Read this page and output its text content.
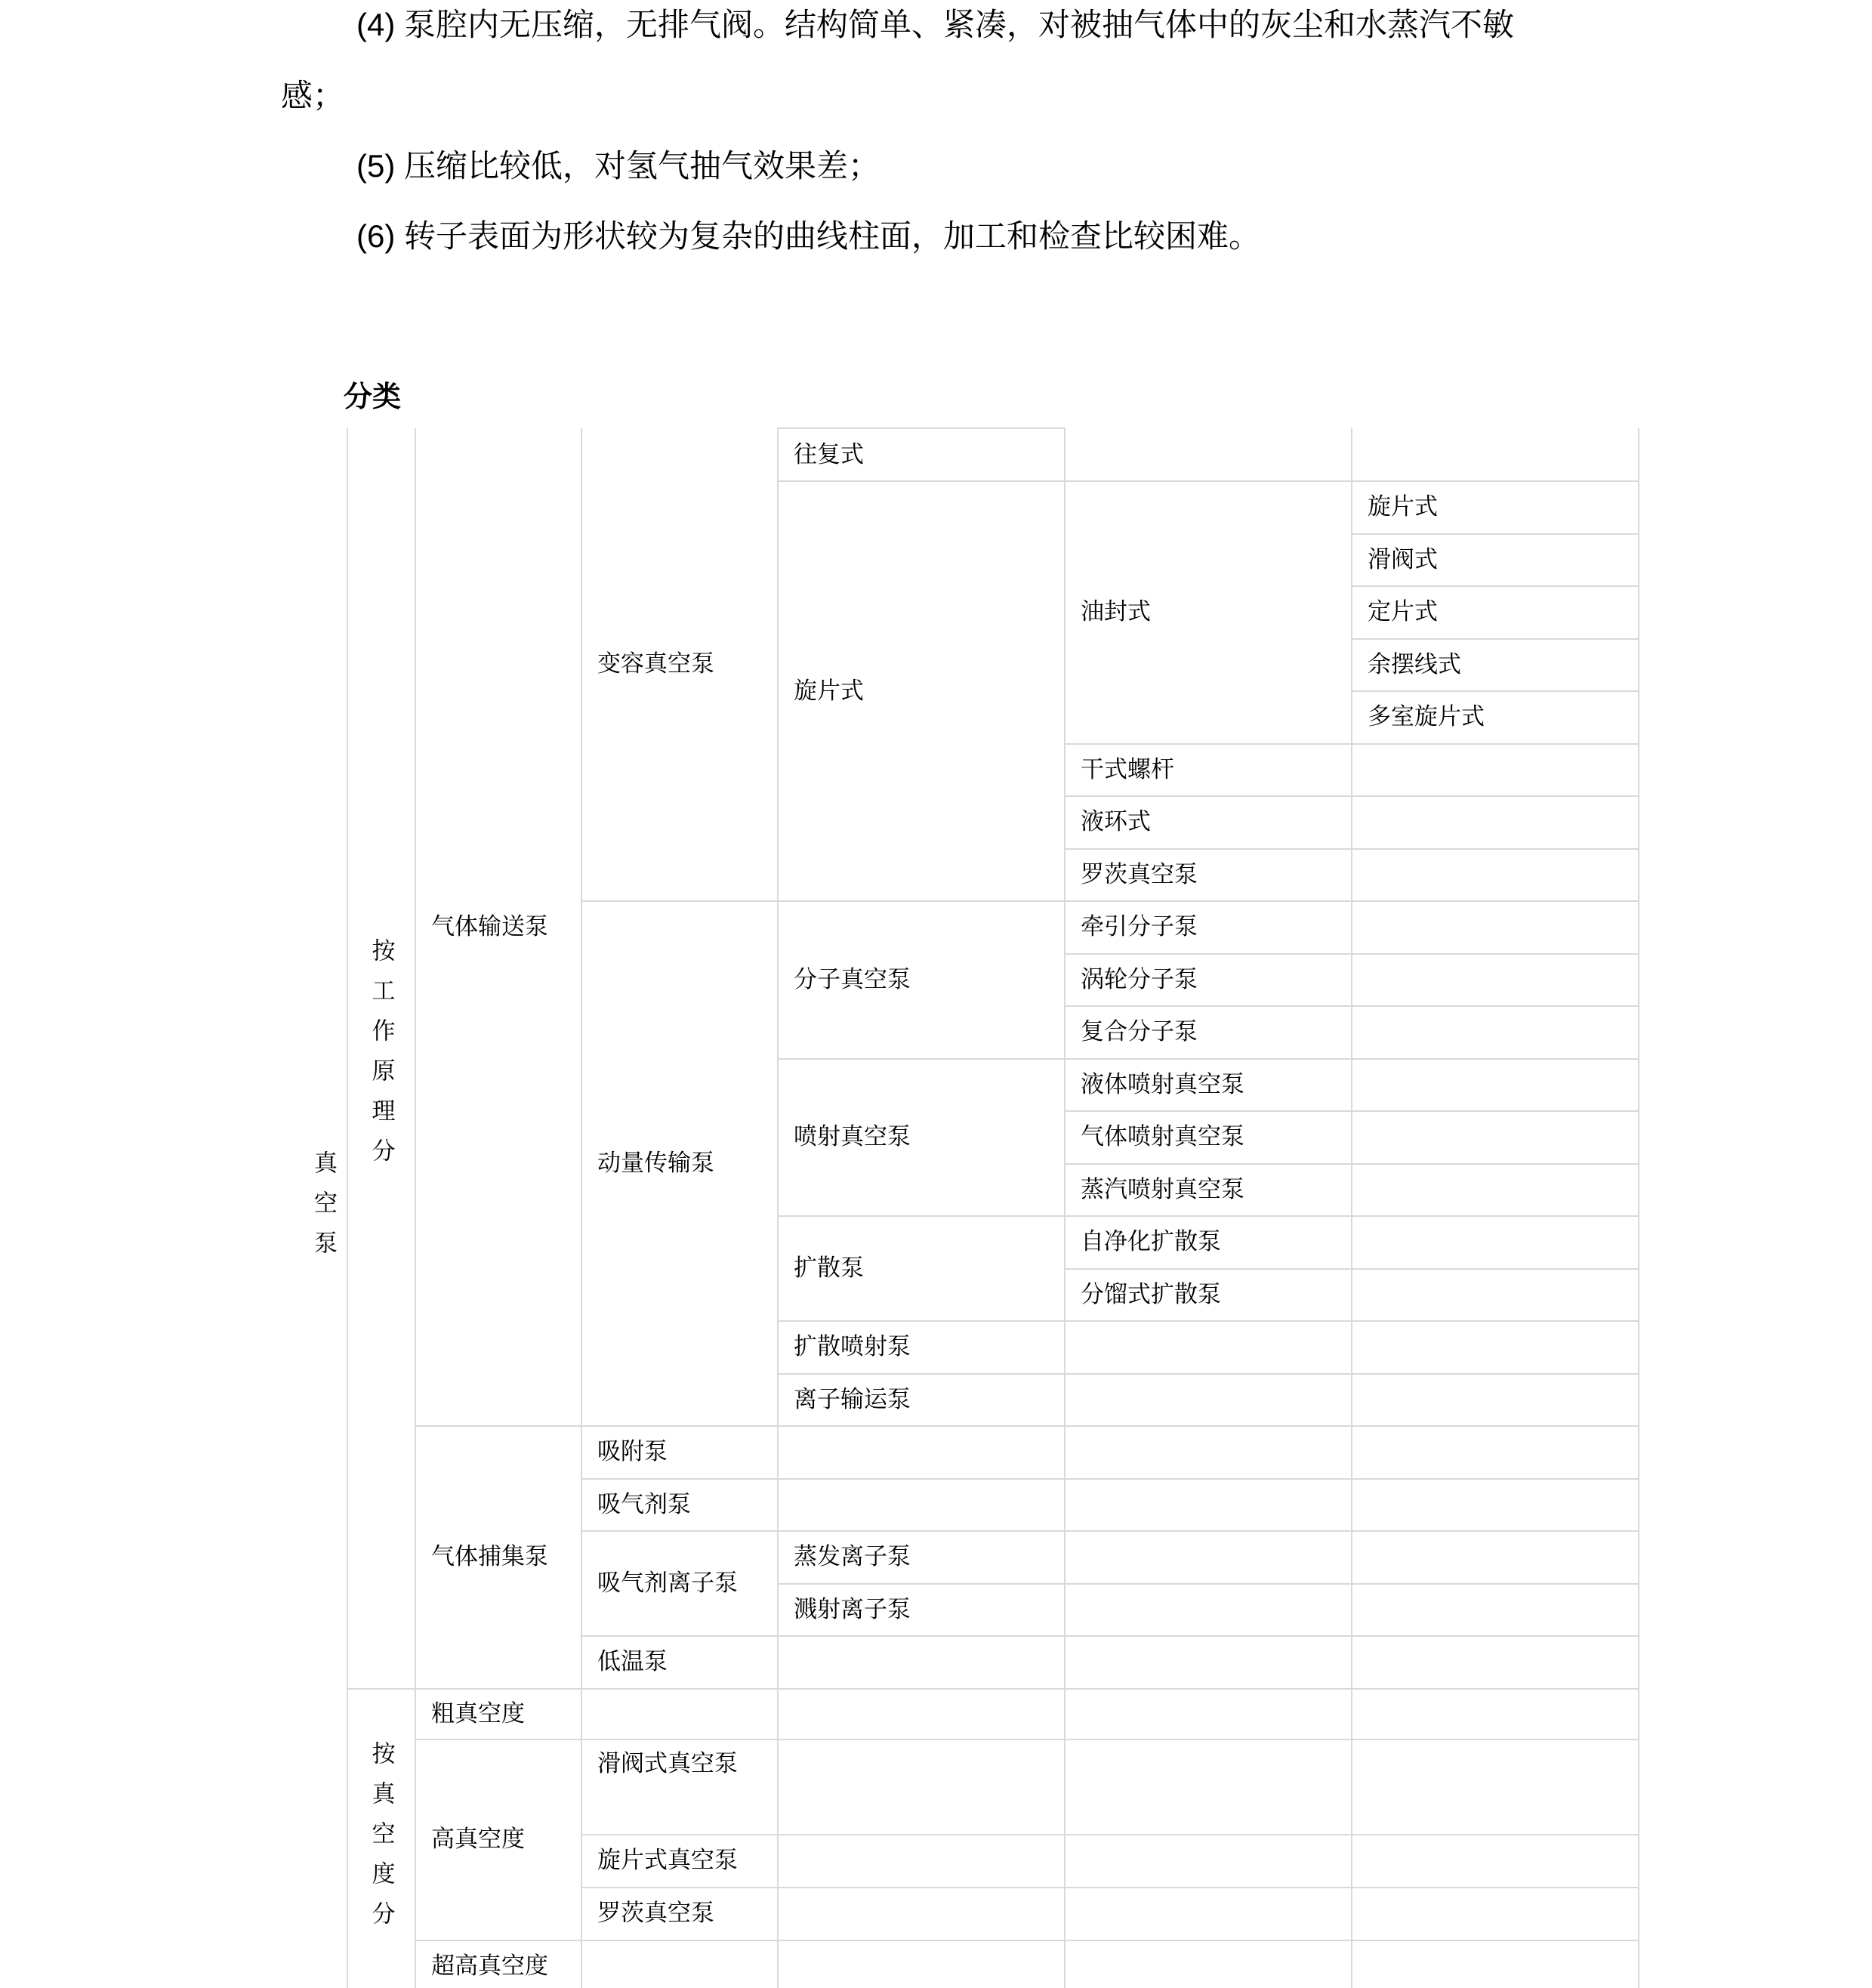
(4) 泵腔内无压缩，无排气阀。结构简单、紧凑，对被抽气体中的灰尘和水蒸汽不敏
感；
(5) 压缩比较低，对氢气抽气效果差；
(6) 转子表面为形状较为复杂的曲线柱面，加工和检查比较困难。
分类
真空泵	按工作原理分	气体输送泵	变容真空泵	往复式		
				旋片式	油封式	旋片式
						滑阀式
						定片式
						余摆线式
						多室旋片式
					干式螺杆	
					液环式	
					罗茨真空泵	
			动量传输泵	分子真空泵	牵引分子泵	
					涡轮分子泵	
					复合分子泵	
				喷射真空泵	液体喷射真空泵	
					气体喷射真空泵	
					蒸汽喷射真空泵	
				扩散泵	自净化扩散泵	
					分馏式扩散泵	
				扩散喷射泵		
				离子输运泵		
		气体捕集泵	吸附泵			
			吸气剂泵			
			吸气剂离子泵	蒸发离子泵		
				溅射离子泵		
			低温泵			
	按真空度分	粗真空度				
		高真空度	滑阀式真空泵			
			旋片式真空泵			
			罗茨真空泵			
		超高真空度				
